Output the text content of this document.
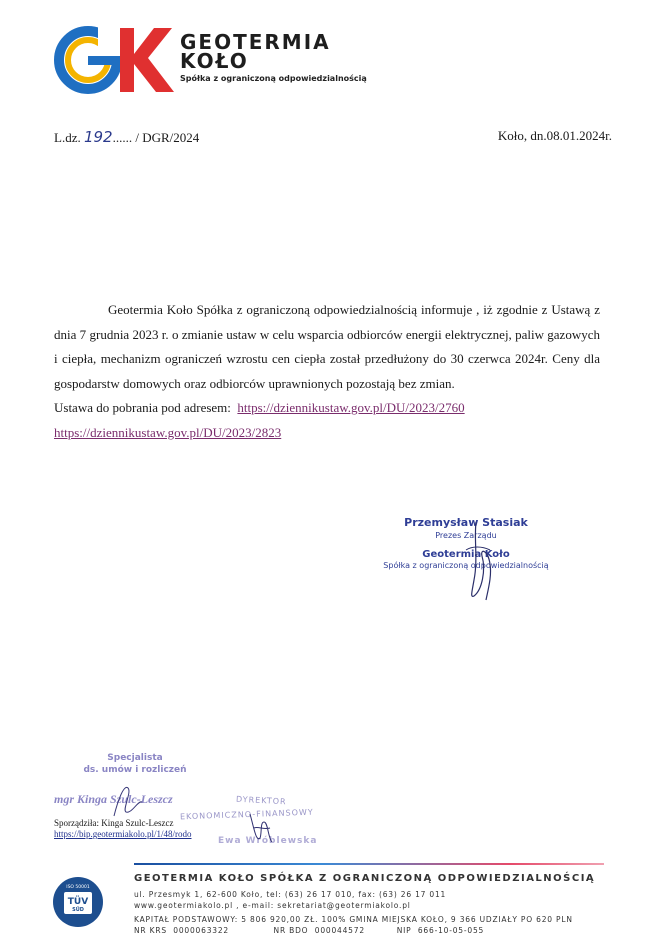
GEOTERMIA
KOŁO
Spółka z ograniczoną odpowiedzialnością
L.dz. 192...... / DGR/2024	Koło, dn.08.01.2024r.

Geotermia Koło Spółka z ograniczoną odpowiedzialnością informuje , iż zgodnie z Ustawą z dnia 7 grudnia 2023 r. o zmianie ustaw w celu wsparcia odbiorców energii elektrycznej, paliw gazowych i ciepła, mechanizm ograniczeń wzrostu cen ciepła został przedłużony do 30 czerwca 2024r. Ceny dla gospodarstw domowych oraz odbiorców uprawnionych pozostają bez zmian.

Ustawa do pobrania pod adresem: https://dziennikustaw.gov.pl/DU/2023/2760

https://dziennikustaw.gov.pl/DU/2023/2823

Przemysław Stasiak
Prezes Zarządu
Geotermia Koło
Spółka z ograniczoną odpowiedzialnością
Specjalista
ds. umów i rozliczeń
mgr Kinga Szulc-Leszcz	DYREKTOR
EKONOMICZNO-FINANSOWY
Ewa Wróblewska
Sporządziła: Kinga Szulc-Leszcz
https://bip.geotermiakolo.pl/1/48/rodo
ISO 50001
TÜV
SÜD
GEOTERMIA KOŁO SPÓŁKA Z OGRANICZONĄ ODPOWIEDZIALNOŚCIĄ
ul. Przesmyk 1, 62-600 Koło, tel: (63) 26 17 010, fax: (63) 26 17 011
www.geotermiakolo.pl , e-mail: sekretariat@geotermiakolo.pl
KAPITAŁ PODSTAWOWY: 5 806 920,00 ZŁ. 100% GMINA MIEJSKA KOŁO, 9 366 UDZIAŁY PO 620 PLN
NR KRS  0000063322              NR BDO  000044572          NIP  666-10-05-055
